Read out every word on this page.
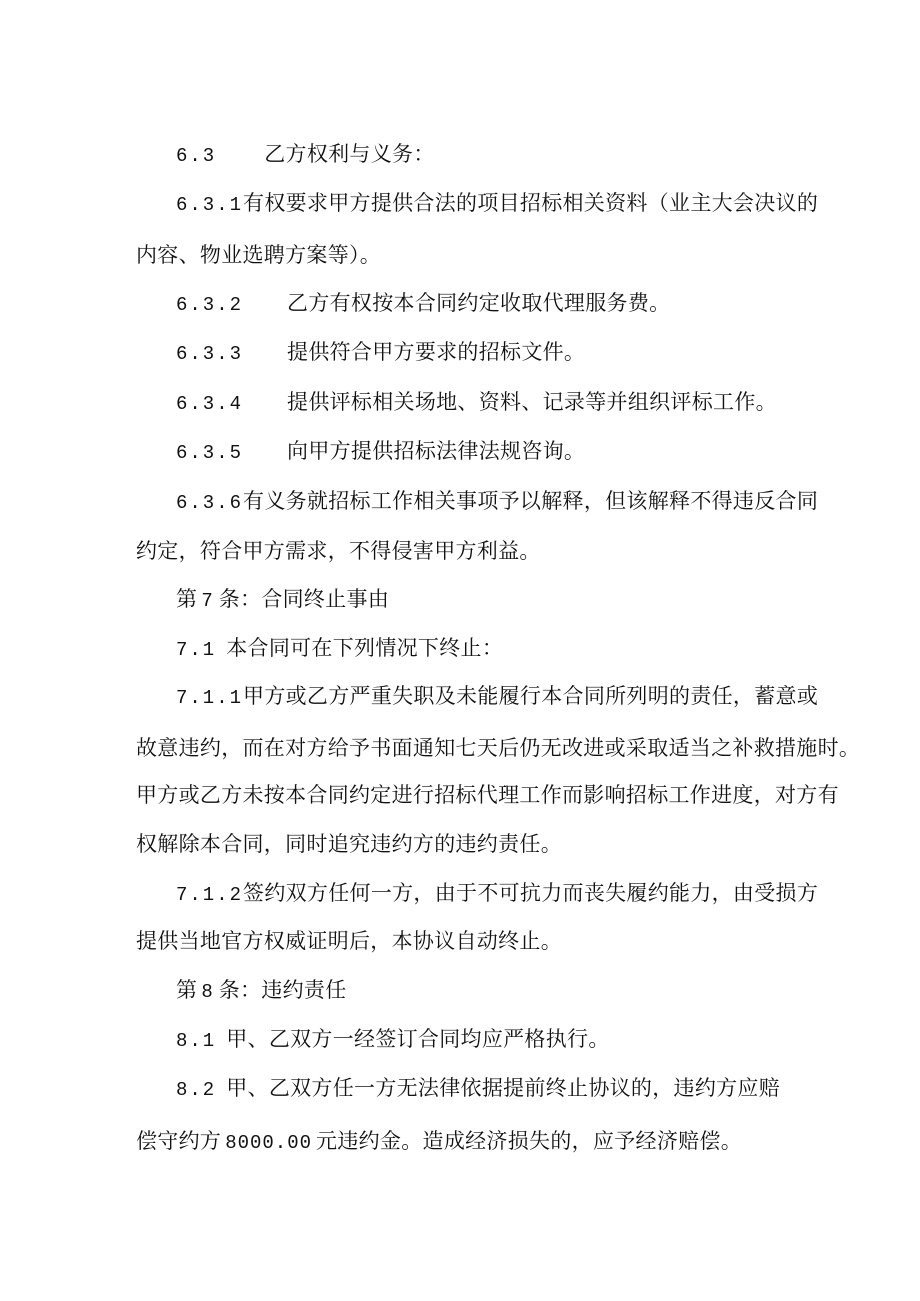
6.3 乙方权利与义务：
6.3.1有权要求甲方提供合法的项目招标相关资料（业主大会决议的
内容、物业选聘方案等）。
6.3.2 乙方有权按本合同约定收取代理服务费。
6.3.3 提供符合甲方要求的招标文件。
6.3.4 提供评标相关场地、资料、记录等并组织评标工作。
6.3.5 向甲方提供招标法律法规咨询。
6.3.6有义务就招标工作相关事项予以解释，但该解释不得违反合同
约定，符合甲方需求，不得侵害甲方利益。
第 7 条：合同终止事由
7.1 本合同可在下列情况下终止：
7.1.1甲方或乙方严重失职及未能履行本合同所列明的责任，蓄意或
故意违约，而在对方给予书面通知七天后仍无改进或采取适当之补救措施时。
甲方或乙方未按本合同约定进行招标代理工作而影响招标工作进度，对方有
权解除本合同，同时追究违约方的违约责任。
7.1.2签约双方任何一方，由于不可抗力而丧失履约能力，由受损方
提供当地官方权威证明后，本协议自动终止。
第 8 条：违约责任
8.1 甲、乙双方一经签订合同均应严格执行。
8.2 甲、乙双方任一方无法律依据提前终止协议的，违约方应赔
偿守约方 8000.00 元违约金。造成经济损失的，应予经济赔偿。
